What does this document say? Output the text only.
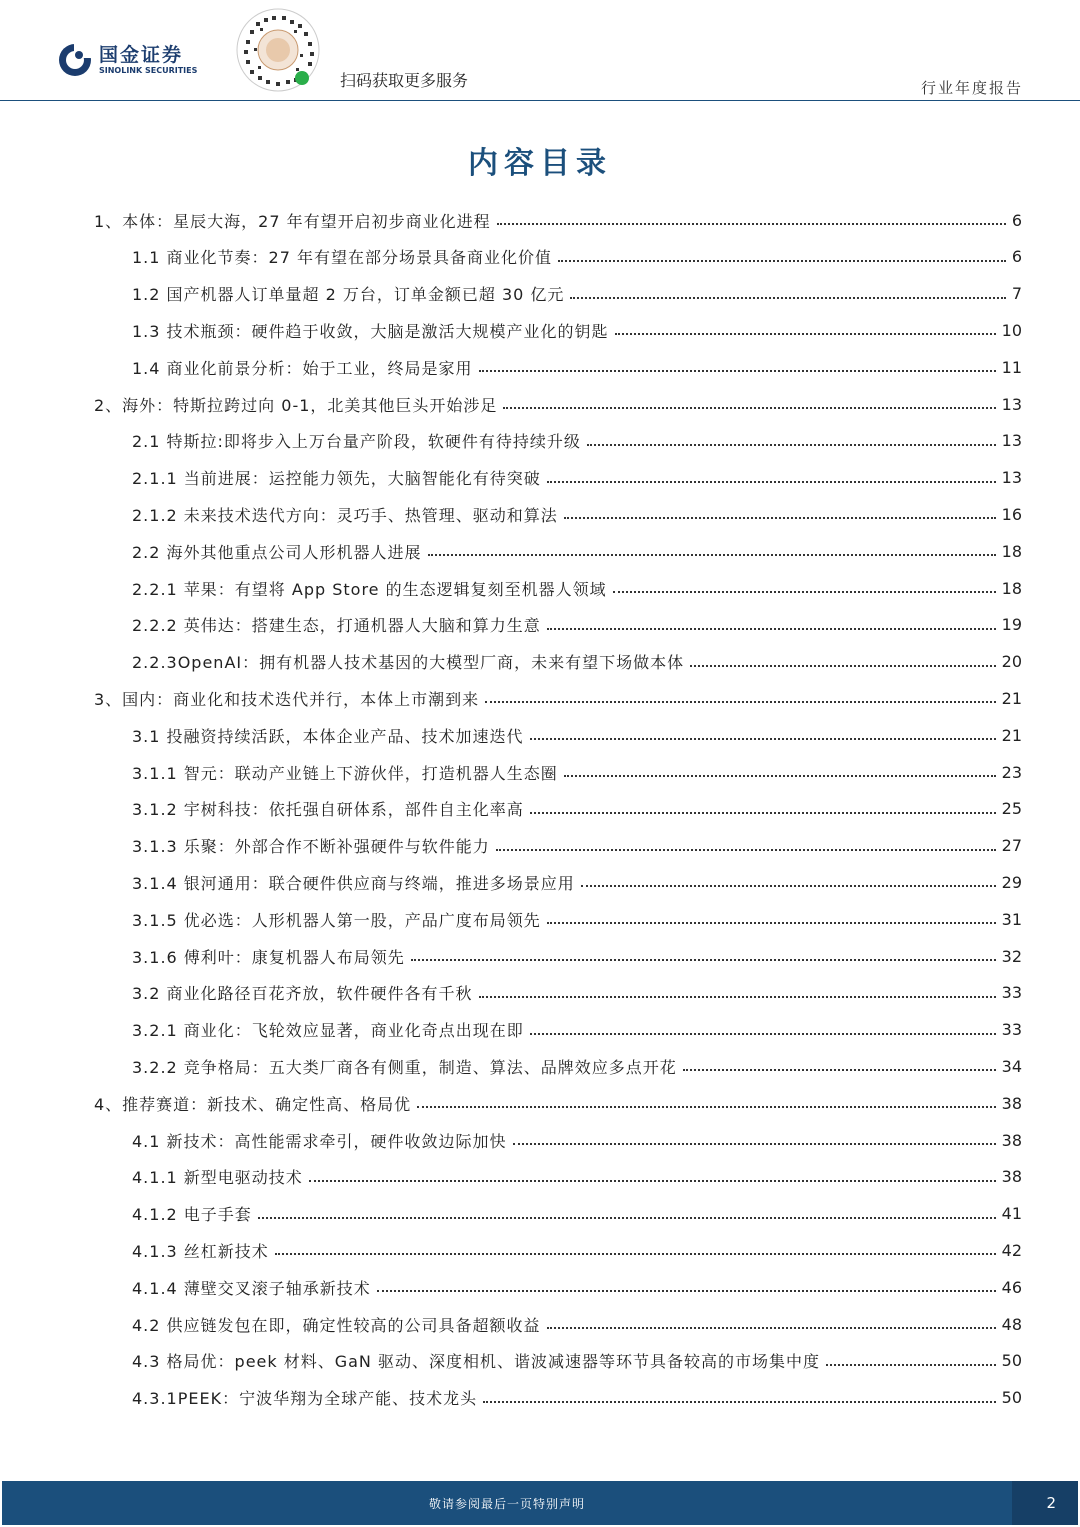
国金证券
SINOLINK SECURITIES
扫码获取更多服务	行业年度报告
内容目录
1、本体：星辰大海，27 年有望开启初步商业化进程	6
1.1 商业化节奏：27 年有望在部分场景具备商业化价值	6
1.2 国产机器人订单量超 2 万台，订单金额已超 30 亿元	7
1.3 技术瓶颈：硬件趋于收敛，大脑是激活大规模产业化的钥匙	10
1.4 商业化前景分析：始于工业，终局是家用	11
2、海外：特斯拉跨过向 0-1，北美其他巨头开始涉足	13
2.1 特斯拉:即将步入上万台量产阶段，软硬件有待持续升级	13
2.1.1 当前进展：运控能力领先，大脑智能化有待突破	13
2.1.2 未来技术迭代方向：灵巧手、热管理、驱动和算法	16
2.2 海外其他重点公司人形机器人进展	18
2.2.1 苹果：有望将 App Store 的生态逻辑复刻至机器人领域	18
2.2.2 英伟达：搭建生态，打通机器人大脑和算力生意	19
2.2.3OpenAI：拥有机器人技术基因的大模型厂商，未来有望下场做本体	20
3、国内：商业化和技术迭代并行，本体上市潮到来	21
3.1 投融资持续活跃，本体企业产品、技术加速迭代	21
3.1.1 智元：联动产业链上下游伙伴，打造机器人生态圈	23
3.1.2 宇树科技：依托强自研体系，部件自主化率高	25
3.1.3 乐聚：外部合作不断补强硬件与软件能力	27
3.1.4 银河通用：联合硬件供应商与终端，推进多场景应用	29
3.1.5 优必选：人形机器人第一股，产品广度布局领先	31
3.1.6 傅利叶：康复机器人布局领先	32
3.2 商业化路径百花齐放，软件硬件各有千秋	33
3.2.1 商业化：飞轮效应显著，商业化奇点出现在即	33
3.2.2 竞争格局：五大类厂商各有侧重，制造、算法、品牌效应多点开花	34
4、推荐赛道：新技术、确定性高、格局优	38
4.1 新技术：高性能需求牵引，硬件收敛边际加快	38
4.1.1 新型电驱动技术	38
4.1.2 电子手套	41
4.1.3 丝杠新技术	42
4.1.4 薄壁交叉滚子轴承新技术	46
4.2 供应链发包在即，确定性较高的公司具备超额收益	48
4.3 格局优：peek 材料、GaN 驱动、深度相机、谐波减速器等环节具备较高的市场集中度	50
4.3.1PEEK：宁波华翔为全球产能、技术龙头	50
敬请参阅最后一页特别声明	2
